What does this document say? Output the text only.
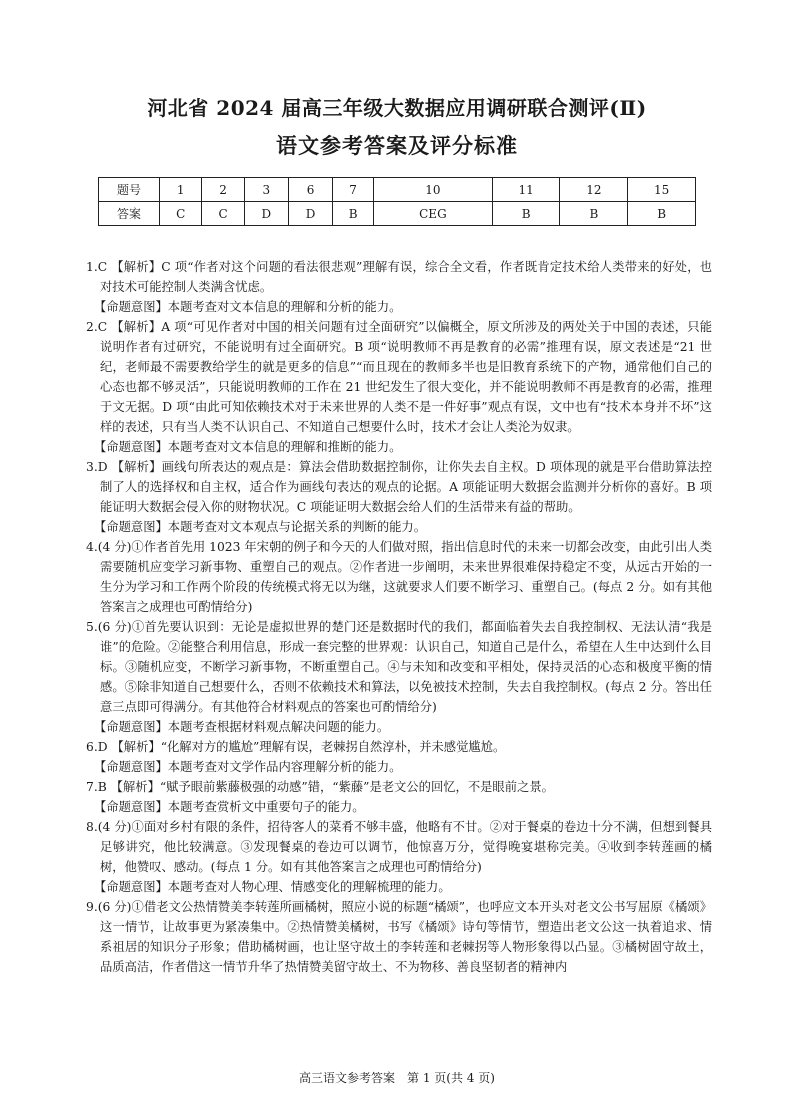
河北省 2024 届高三年级大数据应用调研联合测评(Ⅱ)
语文参考答案及评分标准
题号	1	2	3	6	7	10	11	12	15
答案	C	C	D	D	B	CEG	B	B	B

1.C 【解析】C 项“作者对这个问题的看法很悲观”理解有误，综合全文看，作者既肯定技术给人类带来的好处，也对技术可能控制人类满含忧虑。

【命题意图】本题考查对文本信息的理解和分析的能力。

2.C 【解析】A 项“可见作者对中国的相关问题有过全面研究”以偏概全，原文所涉及的两处关于中国的表述，只能说明作者有过研究，不能说明有过全面研究。B 项“说明教师不再是教育的必需”推理有误，原文表述是“21 世纪，老师最不需要教给学生的就是更多的信息”“而且现在的教师多半也是旧教育系统下的产物，通常他们自己的心态也都不够灵活”，只能说明教师的工作在 21 世纪发生了很大变化，并不能说明教师不再是教育的必需，推理于文无据。D 项“由此可知依赖技术对于未来世界的人类不是一件好事”观点有误，文中也有“技术本身并不坏”这样的表述，只有当人类不认识自己、不知道自己想要什么时，技术才会让人类沦为奴隶。

【命题意图】本题考查对文本信息的理解和推断的能力。

3.D 【解析】画线句所表达的观点是：算法会借助数据控制你，让你失去自主权。D 项体现的就是平台借助算法控制了人的选择权和自主权，适合作为画线句表达的观点的论据。A 项能证明大数据会监测并分析你的喜好。B 项能证明大数据会侵入你的财物状况。C 项能证明大数据会给人们的生活带来有益的帮助。

【命题意图】本题考查对文本观点与论据关系的判断的能力。

4.(4 分)①作者首先用 1023 年宋朝的例子和今天的人们做对照，指出信息时代的未来一切都会改变，由此引出人类需要随机应变学习新事物、重塑自己的观点。②作者进一步阐明，未来世界很难保持稳定不变，从远古开始的一生分为学习和工作两个阶段的传统模式将无以为继，这就要求人们要不断学习、重塑自己。(每点 2 分。如有其他答案言之成理也可酌情给分)

5.(6 分)①首先要认识到：无论是虚拟世界的楚门还是数据时代的我们，都面临着失去自我控制权、无法认清“我是谁”的危险。②能整合利用信息，形成一套完整的世界观：认识自己，知道自己是什么，希望在人生中达到什么目标。③随机应变，不断学习新事物，不断重塑自己。④与未知和改变和平相处，保持灵活的心态和极度平衡的情感。⑤除非知道自己想要什么，否则不依赖技术和算法，以免被技术控制，失去自我控制权。(每点 2 分。答出任意三点即可得满分。有其他符合材料观点的答案也可酌情给分)

【命题意图】本题考查根据材料观点解决问题的能力。

6.D 【解析】“化解对方的尴尬”理解有误，老棘拐自然淳朴，并未感觉尴尬。

【命题意图】本题考查对文学作品内容理解分析的能力。

7.B 【解析】“赋予眼前紫藤极强的动感”错，“紫藤”是老文公的回忆，不是眼前之景。

【命题意图】本题考查赏析文中重要句子的能力。

8.(4 分)①面对乡村有限的条件，招待客人的菜肴不够丰盛，他略有不甘。②对于餐桌的卷边十分不满，但想到餐具足够讲究，他比较满意。③发现餐桌的卷边可以调节，他惊喜万分，觉得晚宴堪称完美。④收到李转莲画的橘树，他赞叹、感动。(每点 1 分。如有其他答案言之成理也可酌情给分)

【命题意图】本题考查对人物心理、情感变化的理解梳理的能力。

9.(6 分)①借老文公热情赞美李转莲所画橘树，照应小说的标题“橘颂”，也呼应文本开头对老文公书写屈原《橘颂》这一情节，让故事更为紧凑集中。②热情赞美橘树，书写《橘颂》诗句等情节，塑造出老文公这一执着追求、情系祖居的知识分子形象；借助橘树画，也让坚守故土的李转莲和老棘拐等人物形象得以凸显。③橘树固守故土，品质高洁，作者借这一情节升华了热情赞美留守故土、不为物移、善良坚韧者的精神内

高三语文参考答案　第 1 页(共 4 页)
